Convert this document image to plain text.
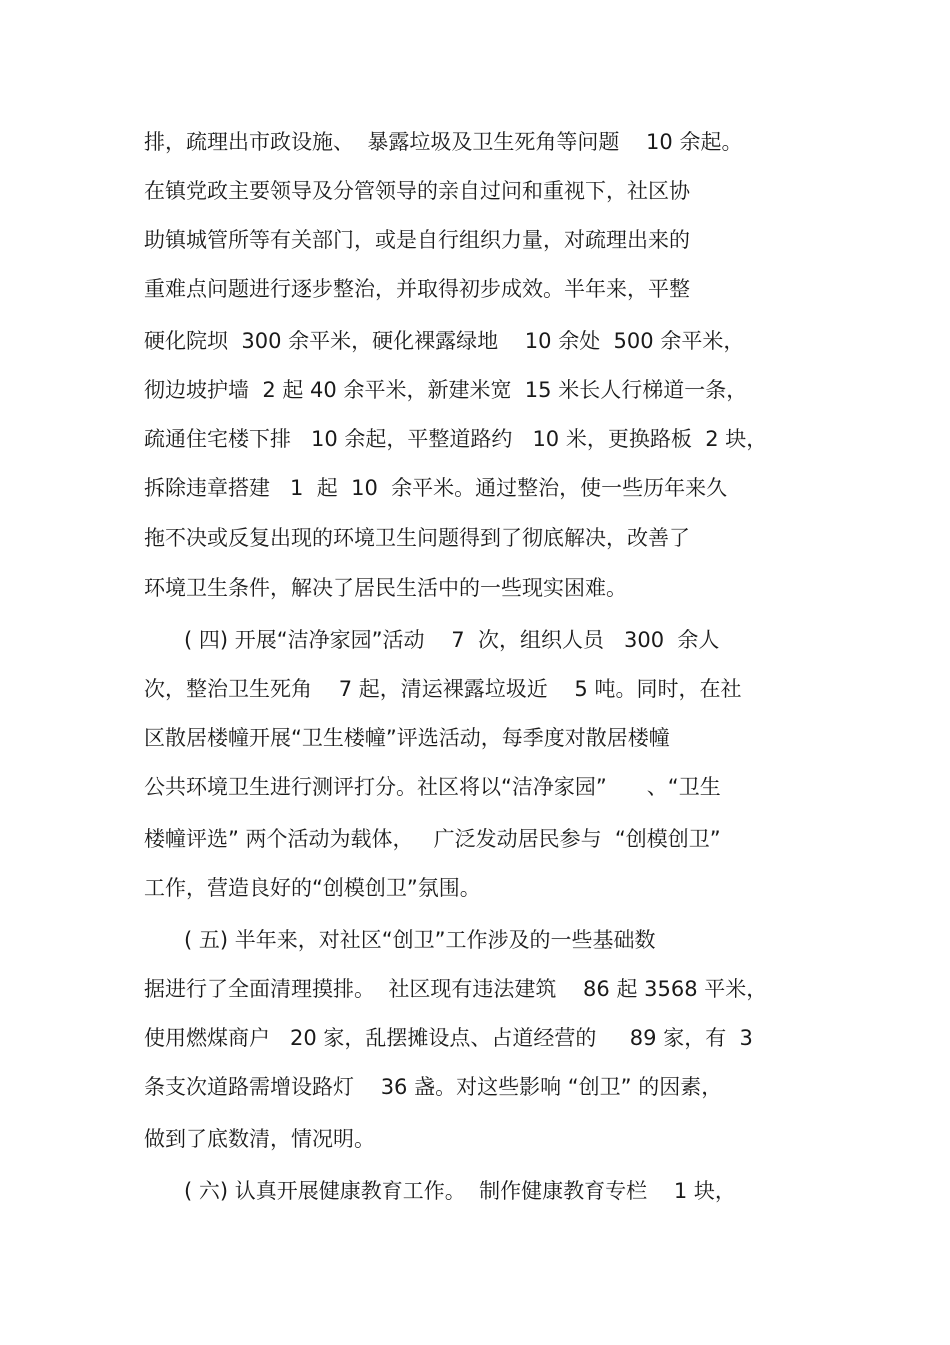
排，疏理出市政设施、  暴露垃圾及卫生死角等问题    10 余起。

在镇党政主要领导及分管领导的亲自过问和重视下，社区协

助镇城管所等有关部门，或是自行组织力量，对疏理出来的

重难点问题进行逐步整治，并取得初步成效。半年来，平整

硬化院坝  300 余平米，硬化裸露绿地    10 余处  500 余平米，

彻边坡护墙  2 起 40 余平米，新建米宽  15 米长人行梯道一条，

疏通住宅楼下排   10 余起，平整道路约   10 米，更换路板  2 块，

拆除违章搭建   1  起  10  余平米。通过整治，使一些历年来久

拖不决或反复出现的环境卫生问题得到了彻底解决，改善了

环境卫生条件，解决了居民生活中的一些现实困难。

( 四) 开展“洁净家园”活动    7  次，组织人员   300  余人

次，整治卫生死角    7 起，清运裸露垃圾近    5 吨。同时，在社

区散居楼幢开展“卫生楼幢”评选活动，每季度对散居楼幢

公共环境卫生进行测评打分。社区将以“洁净家园”      、“卫生

楼幢评选” 两个活动为载体，   广泛发动居民参与  “创模创卫”

工作，营造良好的“创模创卫”氛围。

( 五) 半年来，对社区“创卫”工作涉及的一些基础数

据进行了全面清理摸排。  社区现有违法建筑    86 起 3568 平米，

使用燃煤商户   20 家，乱摆摊设点、占道经营的     89 家，有  3

条支次道路需增设路灯    36 盏。对这些影响 “创卫” 的因素，

做到了底数清，情况明。

( 六) 认真开展健康教育工作。  制作健康教育专栏    1 块，
